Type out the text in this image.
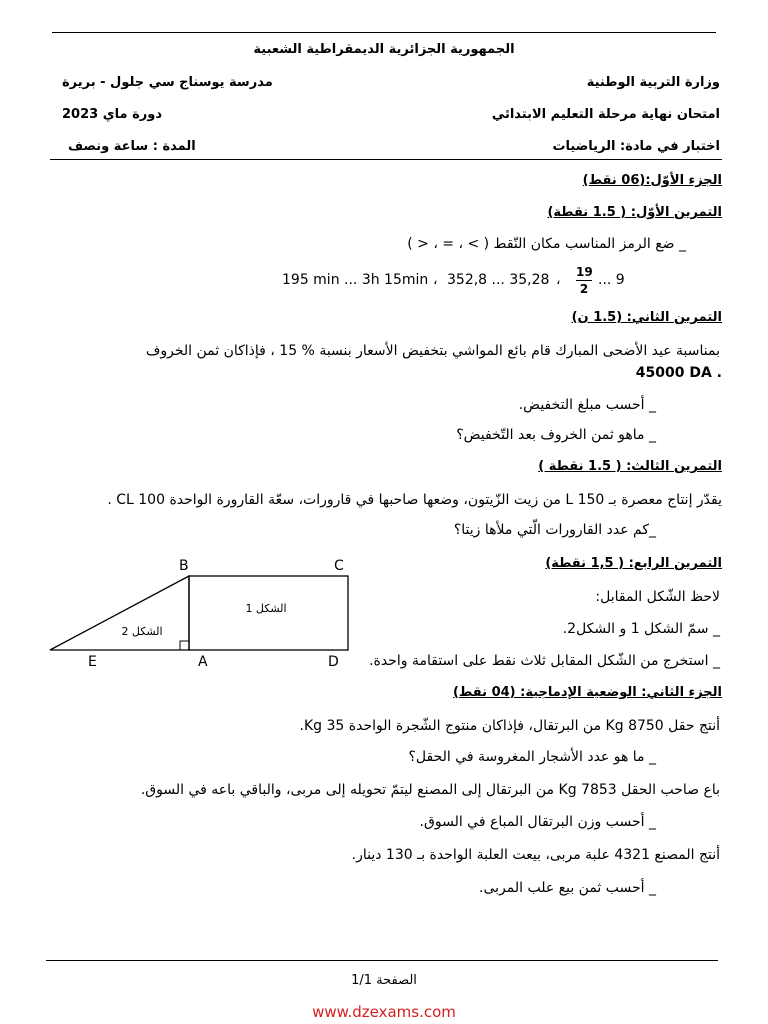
الجمهورية الجزائرية الديمقراطية الشعبية
وزارة التربية الوطنية
مدرسة يوسناج سي جلول - بريرة
امتحان نهاية مرحلة التعليم الابتدائي
دورة ماي 2023
اختبار في مادة: الرياضيات
المدة : ساعة ونصف
الجزء الأوّل:(06 نقط)
التمرين الأوّل: ( 1.5 نقطة)
_ ضع الرمز المناسب مكان النّقط ( > ، = ، < )
195 min ... 3h 15min ، 352,8 ... 35,28 ، 19
2
... 9
التمرين الثاني: (1.5 ن)
بمناسبة عيد الأضحى المبارك قام بائع المواشي بتخفيض الأسعار بنسبة % 15 ، فإذاكان ثمن الخروف
45000 DA .
_ أحسب مبلغ التخفيض.
_ ماهو ثمن الخروف بعد التّخفيض؟
التمرين الثالث: ( 1.5 نقطة )
يقدّر إنتاج معصرة بـ 150 L من زيت الزّيتون، وضعها صاحبها في قارورات، سعّة القارورة الواحدة 100 CL .
_كم عدد القارورات الّتي ملأها زيتا؟
التمرين الرابع: ( 1,5 نقطة)
لاحظ الشّكل المقابل:
_ سمّ الشكل 1 و الشكل2.
_ استخرج من الشّكل المقابل ثلاث نقط على استقامة واحدة.
B	C
E	A	D
الشكل 1
الشكل 2
الجزء الثاني: الوضعية الإدماجية: (04 نقط)
أنتج حقل 8750 Kg من البرتقال، فإذاكان منتوج الشّجرة الواحدة 35 Kg.
_ ما هو عدد الأشجار المغروسة في الحقل؟
باع صاحب الحقل 7853 Kg من البرتقال إلى المصنع ليتمّ تحويله إلى مربى، والباقي باعه في السوق.
_ أحسب وزن البرتقال المباع في السوق.
أنتج المصنع 4321 علبة مربى، بيعت العلبة الواحدة بـ 130 دينار.
_ أحسب ثمن بيع علب المربى.
الصفحة 1/1
www.dzexams.com
